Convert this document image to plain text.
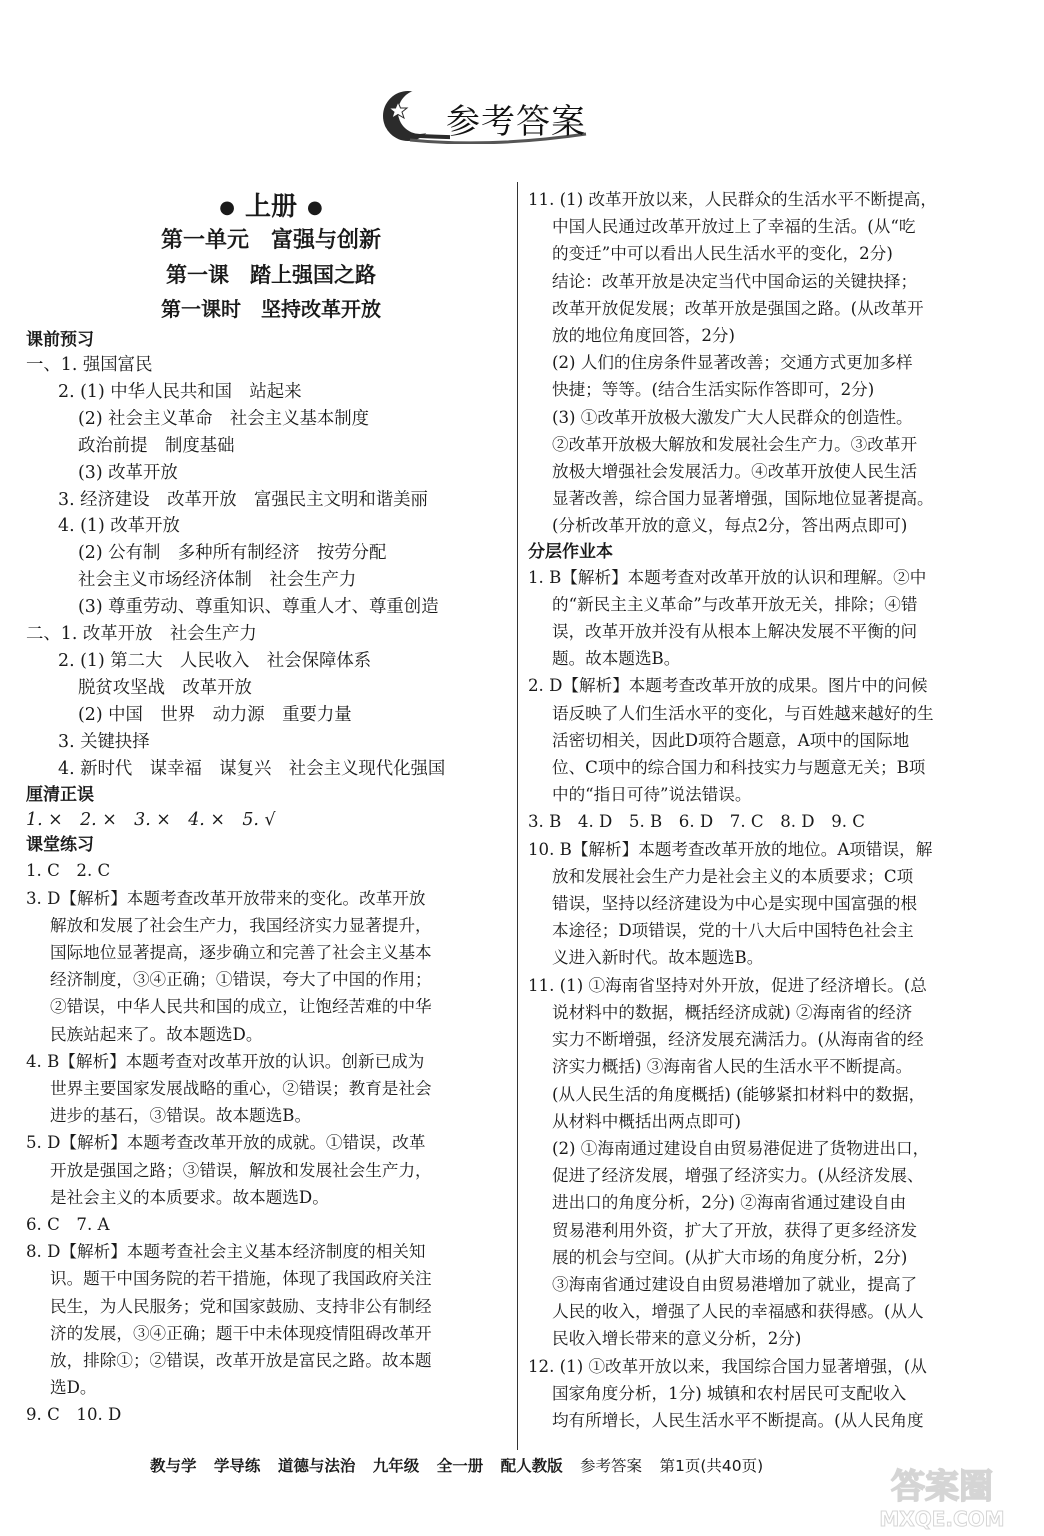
参考答案
● 上册 ●
第一单元　富强与创新
第一课　踏上强国之路
第一课时　坚持改革开放
课前预习
一、1. 强国富民
2. (1) 中华人民共和国　站起来
(2) 社会主义革命　社会主义基本制度
政治前提　制度基础
(3) 改革开放
3. 经济建设　改革开放　富强民主文明和谐美丽
4. (1) 改革开放
(2) 公有制　多种所有制经济　按劳分配
社会主义市场经济体制　社会生产力
(3) 尊重劳动、尊重知识、尊重人才、尊重创造
二、1. 改革开放　社会生产力
2. (1) 第二大　人民收入　社会保障体系
脱贫攻坚战　改革开放
(2) 中国　世界　动力源　重要力量
3. 关键抉择
4. 新时代　谋幸福　谋复兴　社会主义现代化强国
厘清正误
1. ×　2. ×　3. ×　4. ×　5. √
课堂练习
1. C　2. C
3. D【解析】本题考查改革开放带来的变化。改革开放
解放和发展了社会生产力，我国经济实力显著提升，
国际地位显著提高，逐步确立和完善了社会主义基本
经济制度，③④正确；①错误，夸大了中国的作用；
②错误，中华人民共和国的成立，让饱经苦难的中华
民族站起来了。故本题选D。
4. B【解析】本题考查对改革开放的认识。创新已成为
世界主要国家发展战略的重心，②错误；教育是社会
进步的基石，③错误。故本题选B。
5. D【解析】本题考查改革开放的成就。①错误，改革
开放是强国之路；③错误，解放和发展社会生产力，
是社会主义的本质要求。故本题选D。
6. C　7. A
8. D【解析】本题考查社会主义基本经济制度的相关知
识。题干中国务院的若干措施，体现了我国政府关注
民生，为人民服务；党和国家鼓励、支持非公有制经
济的发展，③④正确；题干中未体现疫情阻碍改革开
放，排除①；②错误，改革开放是富民之路。故本题
选D。
9. C　10. D
11. (1) 改革开放以来，人民群众的生活水平不断提高，
中国人民通过改革开放过上了幸福的生活。(从“吃
的变迁”中可以看出人民生活水平的变化，2分)
结论：改革开放是决定当代中国命运的关键抉择；
改革开放促发展；改革开放是强国之路。(从改革开
放的地位角度回答，2分)
(2) 人们的住房条件显著改善；交通方式更加多样
快捷；等等。(结合生活实际作答即可，2分)
(3) ①改革开放极大激发广大人民群众的创造性。
②改革开放极大解放和发展社会生产力。③改革开
放极大增强社会发展活力。④改革开放使人民生活
显著改善，综合国力显著增强，国际地位显著提高。
(分析改革开放的意义，每点2分，答出两点即可)
分层作业本
1. B【解析】本题考查对改革开放的认识和理解。②中
的“新民主主义革命”与改革开放无关，排除；④错
误，改革开放并没有从根本上解决发展不平衡的问
题。故本题选B。
2. D【解析】本题考查改革开放的成果。图片中的问候
语反映了人们生活水平的变化，与百姓越来越好的生
活密切相关，因此D项符合题意，A项中的国际地
位、C项中的综合国力和科技实力与题意无关；B项
中的“指日可待”说法错误。
3. B　4. D　5. B　6. D　7. C　8. D　9. C
10. B【解析】本题考查改革开放的地位。A项错误，解
放和发展社会生产力是社会主义的本质要求；C项
错误，坚持以经济建设为中心是实现中国富强的根
本途径；D项错误，党的十八大后中国特色社会主
义进入新时代。故本题选B。
11. (1) ①海南省坚持对外开放，促进了经济增长。(总
说材料中的数据，概括经济成就) ②海南省的经济
实力不断增强，经济发展充满活力。(从海南省的经
济实力概括) ③海南省人民的生活水平不断提高。
(从人民生活的角度概括) (能够紧扣材料中的数据，
从材料中概括出两点即可)
(2) ①海南通过建设自由贸易港促进了货物进出口，
促进了经济发展，增强了经济实力。(从经济发展、
进出口的角度分析，2分) ②海南省通过建设自由
贸易港利用外资，扩大了开放，获得了更多经济发
展的机会与空间。(从扩大市场的角度分析，2分)
③海南省通过建设自由贸易港增加了就业，提高了
人民的收入，增强了人民的幸福感和获得感。(从人
民收入增长带来的意义分析，2分)
12. (1) ①改革开放以来，我国综合国力显著增强，(从
国家角度分析，1分) 城镇和农村居民可支配收入
均有所增长，人民生活水平不断提高。(从人民角度
教与学 学导练 道德与法治 九年级 全一册 配人教版 参考答案 第1页(共40页)
答案圈
MXQE.COM
